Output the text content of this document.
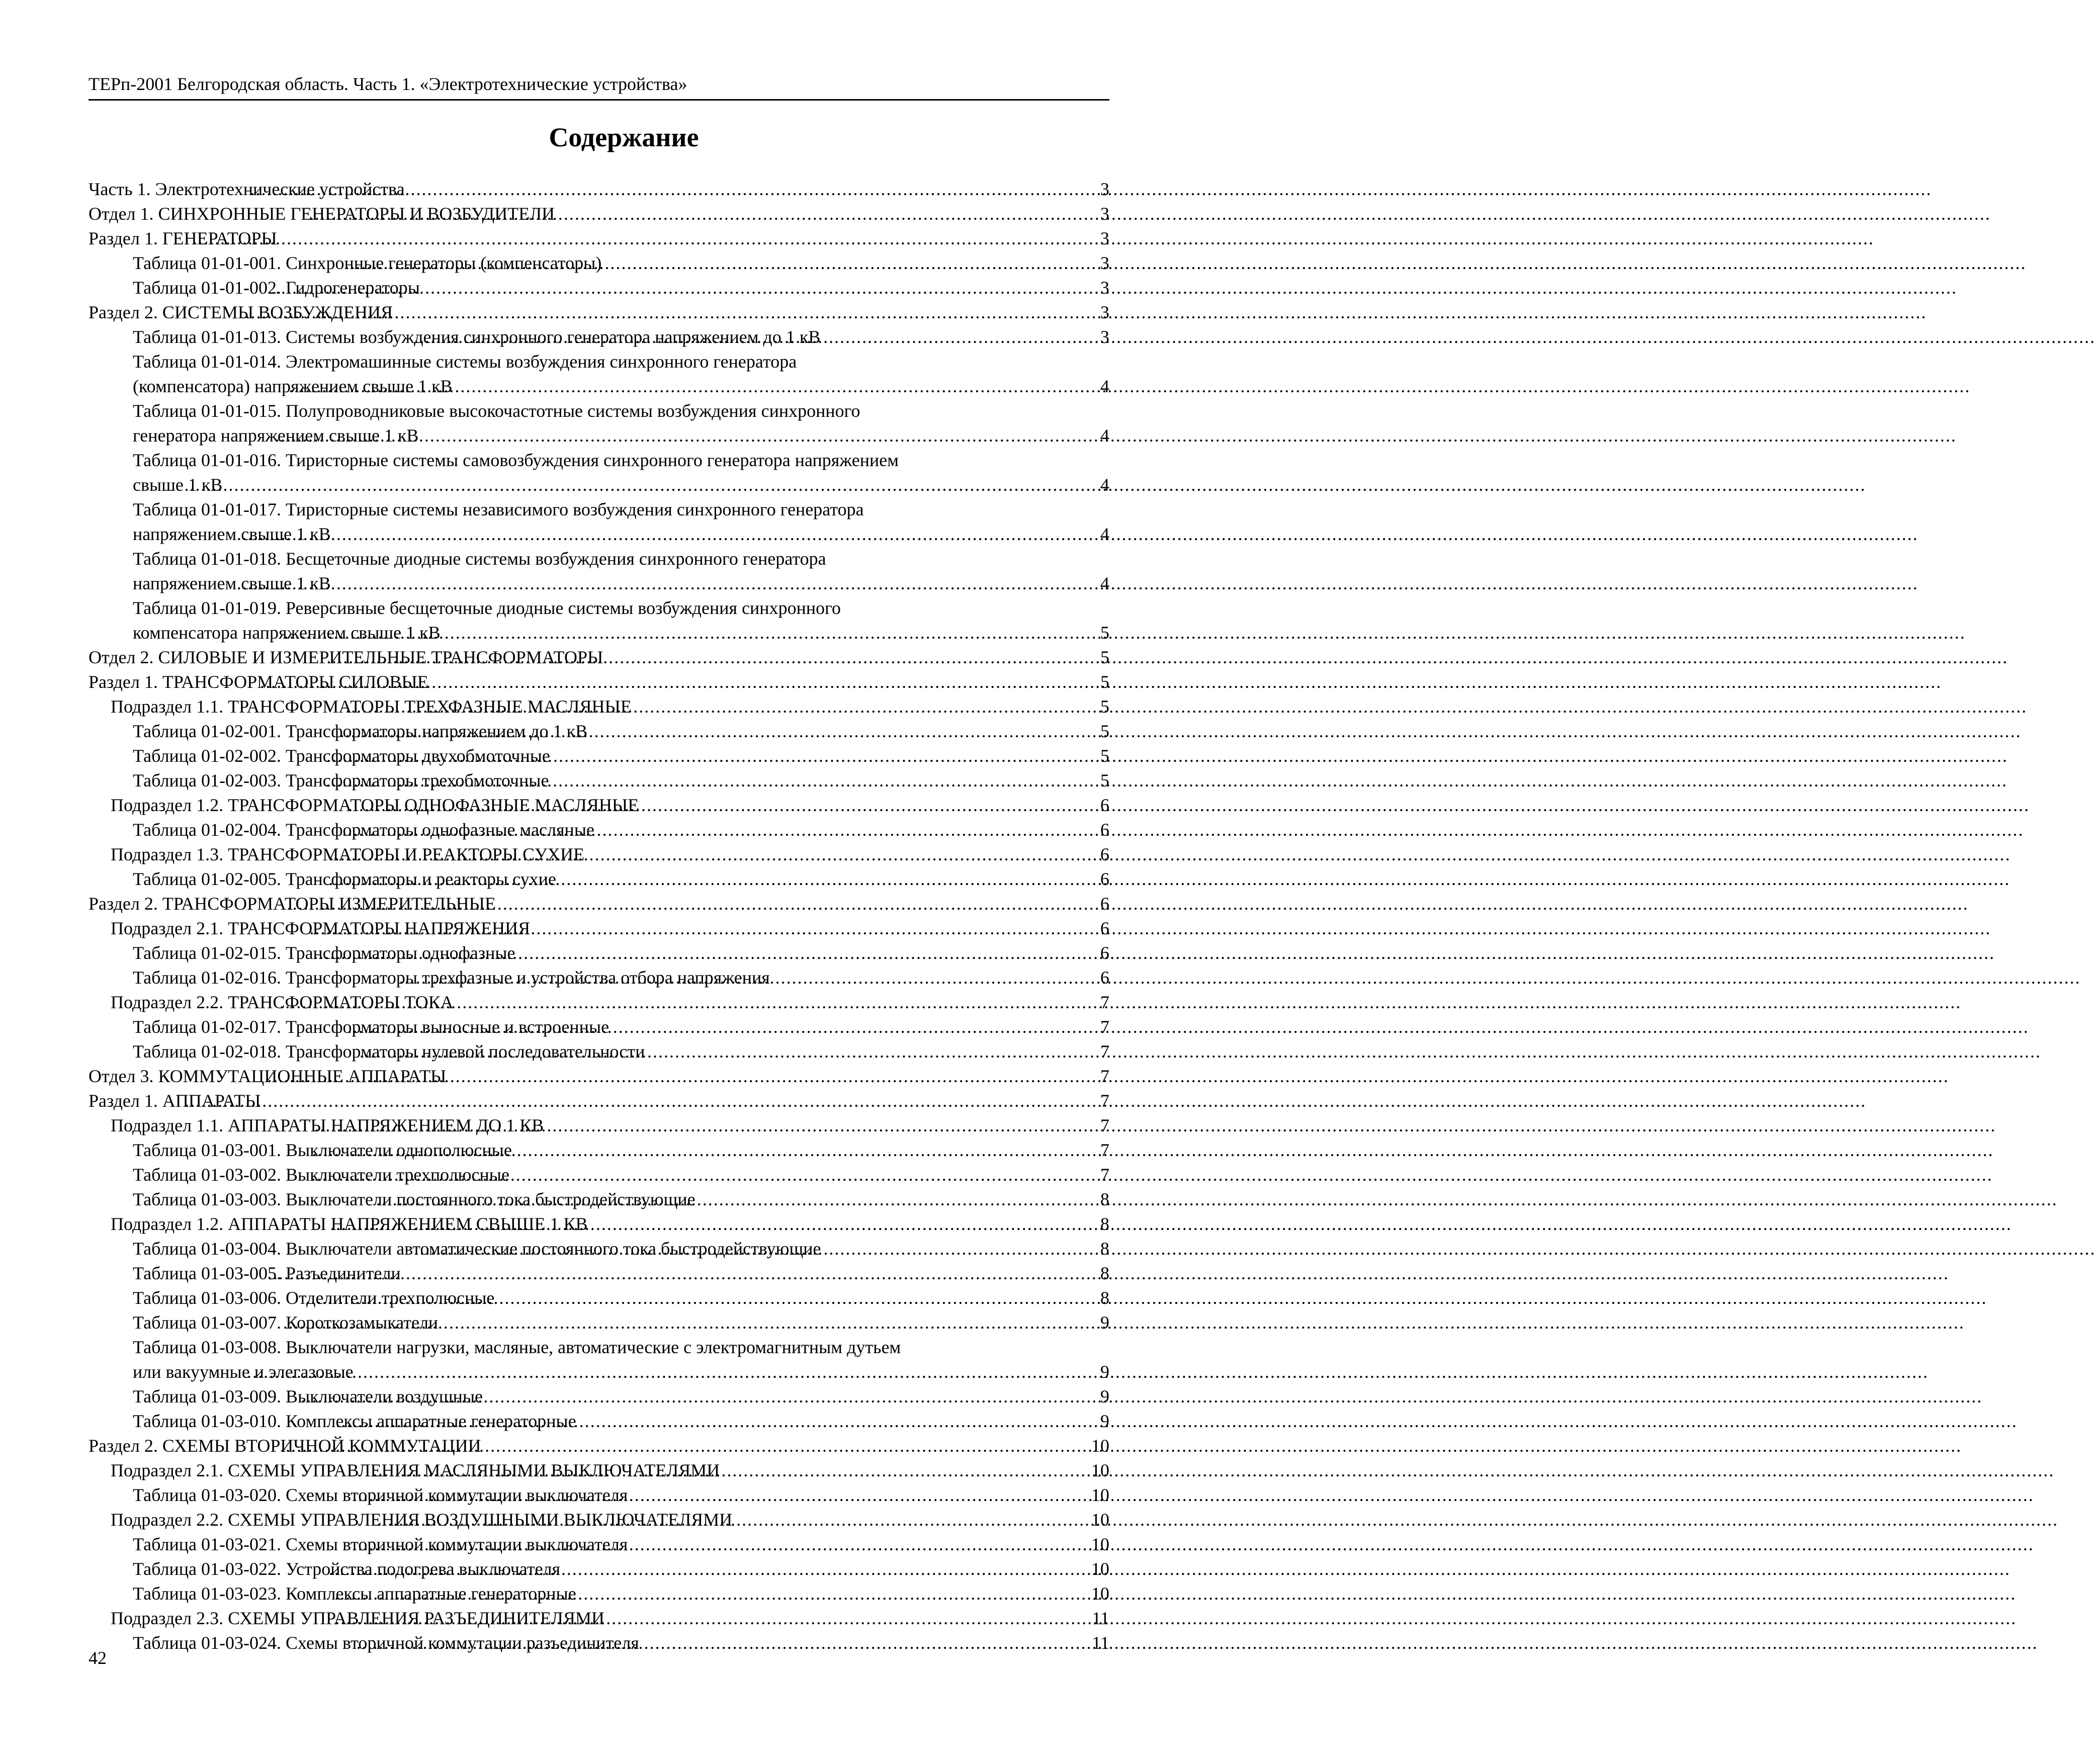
ТЕРп-2001 Белгородская область. Часть 1. «Электротехнические устройства»
Содержание
Часть 1. Электротехнические устройства .....	3
Отдел 1. СИНХРОННЫЕ ГЕНЕРАТОРЫ И ВОЗБУДИТЕЛИ .....	3
Раздел 1. ГЕНЕРАТОРЫ .....	3
Таблица 01-01-001. Синхронные генераторы (компенсаторы) .....	3
Таблица 01-01-002. Гидрогенераторы .....	3
Раздел 2. СИСТЕМЫ ВОЗБУЖДЕНИЯ .....	3
Таблица 01-01-013. Системы возбуждения синхронного генератора напряжением до 1 кВ .....	3
Таблица 01-01-014. Электромашинные системы возбуждения синхронного генератора
(компенсатора) напряжением свыше 1 кВ .....	4
Таблица 01-01-015. Полупроводниковые высокочастотные системы возбуждения синхронного
генератора напряжением свыше 1 кВ .....	4
Таблица 01-01-016. Тиристорные системы самовозбуждения синхронного генератора напряжением
свыше 1 кВ .....	4
Таблица 01-01-017. Тиристорные системы независимого возбуждения синхронного генератора
напряжением свыше 1 кВ .....	4
Таблица 01-01-018. Бесщеточные диодные системы возбуждения синхронного генератора
напряжением свыше 1 кВ .....	4
Таблица 01-01-019. Реверсивные бесщеточные диодные системы возбуждения синхронного
компенсатора напряжением свыше 1 кВ .....	5
Отдел 2. СИЛОВЫЕ И ИЗМЕРИТЕЛЬНЫЕ ТРАНСФОРМАТОРЫ .....	5
Раздел 1. ТРАНСФОРМАТОРЫ СИЛОВЫЕ .....	5
Подраздел 1.1. ТРАНСФОРМАТОРЫ ТРЕХФАЗНЫЕ МАСЛЯНЫЕ .....	5
Таблица 01-02-001. Трансформаторы напряжением до 1 кВ .....	5
Таблица 01-02-002. Трансформаторы двухобмоточные .....	5
Таблица 01-02-003. Трансформаторы трехобмоточные .....	5
Подраздел 1.2. ТРАНСФОРМАТОРЫ ОДНОФАЗНЫЕ МАСЛЯНЫЕ .....	6
Таблица 01-02-004. Трансформаторы однофазные масляные .....	6
Подраздел 1.3. ТРАНСФОРМАТОРЫ И РЕАКТОРЫ СУХИЕ .....	6
Таблица 01-02-005. Трансформаторы и реакторы сухие .....	6
Раздел 2. ТРАНСФОРМАТОРЫ ИЗМЕРИТЕЛЬНЫЕ .....	6
Подраздел 2.1. ТРАНСФОРМАТОРЫ НАПРЯЖЕНИЯ .....	6
Таблица 01-02-015. Трансформаторы однофазные .....	6
Таблица 01-02-016. Трансформаторы трехфазные и устройства отбора напряжения .....	6
Подраздел 2.2. ТРАНСФОРМАТОРЫ ТОКА .....	7
Таблица 01-02-017. Трансформаторы выносные и встроенные .....	7
Таблица 01-02-018. Трансформаторы нулевой последовательности .....	7
Отдел 3. КОММУТАЦИОННЫЕ АППАРАТЫ .....	7
Раздел 1. АППАРАТЫ .....	7
Подраздел 1.1. АППАРАТЫ НАПРЯЖЕНИЕМ ДО 1 КВ .....	7
Таблица 01-03-001. Выключатели однополюсные .....	7
Таблица 01-03-002. Выключатели трехполюсные .....	7
Таблица 01-03-003. Выключатели постоянного тока быстродействующие .....	8
Подраздел 1.2. АППАРАТЫ НАПРЯЖЕНИЕМ СВЫШЕ 1 КВ .....	8
Таблица 01-03-004. Выключатели автоматические постоянного тока быстродействующие .....	8
Таблица 01-03-005. Разъединители .....	8
Таблица 01-03-006. Отделители трехполюсные .....	8
Таблица 01-03-007. Короткозамыкатели .....	9
Таблица 01-03-008. Выключатели нагрузки, масляные, автоматические с электромагнитным дутьем
или вакуумные и элегазовые .....	9
Таблица 01-03-009. Выключатели воздушные .....	9
Таблица 01-03-010. Комплексы аппаратные генераторные .....	9
Раздел 2. СХЕМЫ ВТОРИЧНОЙ КОММУТАЦИИ .....	10
Подраздел 2.1. СХЕМЫ УПРАВЛЕНИЯ МАСЛЯНЫМИ ВЫКЛЮЧАТЕЛЯМИ .....	10
Таблица 01-03-020. Схемы вторичной коммутации выключателя .....	10
Подраздел 2.2. СХЕМЫ УПРАВЛЕНИЯ ВОЗДУШНЫМИ ВЫКЛЮЧАТЕЛЯМИ .....	10
Таблица 01-03-021. Схемы вторичной коммутации выключателя .....	10
Таблица 01-03-022. Устройства подогрева выключателя .....	10
Таблица 01-03-023. Комплексы аппаратные генераторные .....	10
Подраздел 2.3. СХЕМЫ УПРАВЛЕНИЯ РАЗЪЕДИНИТЕЛЯМИ .....	11
Таблица 01-03-024. Схемы вторичной коммутации разъединителя .....	11
42
